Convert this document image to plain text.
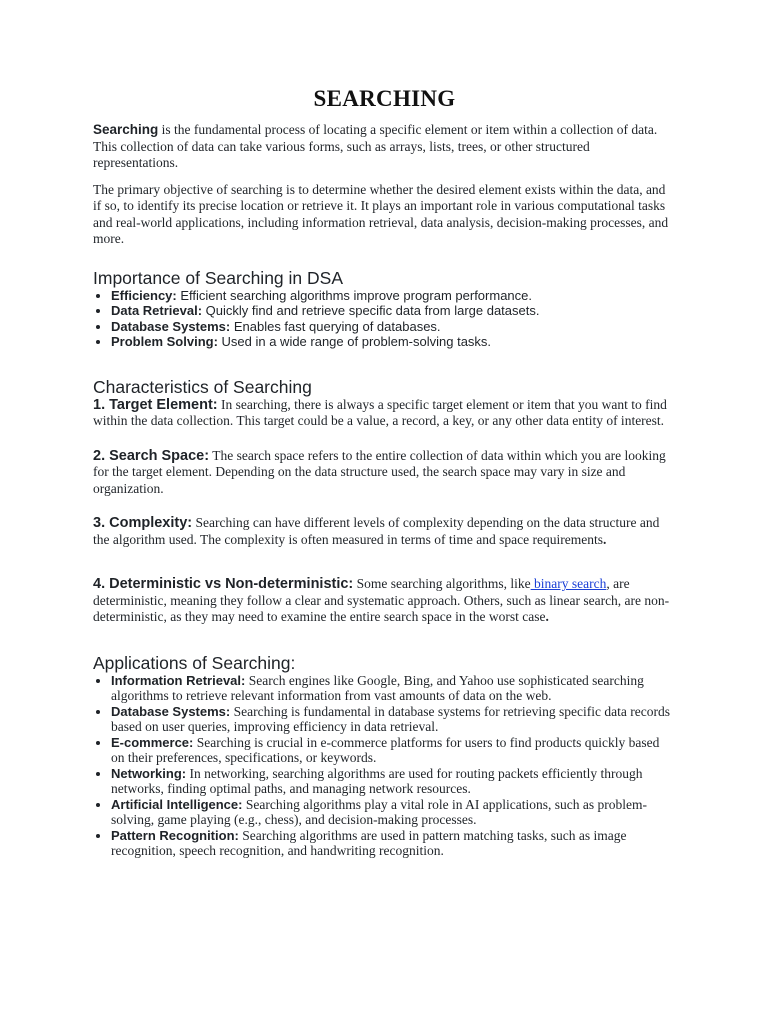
SEARCHING

Searching is the fundamental process of locating a specific element or item within a collection of data. This collection of data can take various forms, such as arrays, lists, trees, or other structured representations.

The primary objective of searching is to determine whether the desired element exists within the data, and if so, to identify its precise location or retrieve it. It plays an important role in various computational tasks and real-world applications, including information retrieval, data analysis, decision-making processes, and more.

Importance of Searching in DSA
• Efficiency: Efficient searching algorithms improve program performance.
• Data Retrieval: Quickly find and retrieve specific data from large datasets.
• Database Systems: Enables fast querying of databases.
• Problem Solving: Used in a wide range of problem-solving tasks.
Characteristics of Searching

1. Target Element: In searching, there is always a specific target element or item that you want to find within the data collection. This target could be a value, a record, a key, or any other data entity of interest.

2. Search Space: The search space refers to the entire collection of data within which you are looking for the target element. Depending on the data structure used, the search space may vary in size and organization.

3. Complexity: Searching can have different levels of complexity depending on the data structure and the algorithm used. The complexity is often measured in terms of time and space requirements.

4. Deterministic vs Non-deterministic: Some searching algorithms, like binary search, are deterministic, meaning they follow a clear and systematic approach. Others, such as linear search, are non-deterministic, as they may need to examine the entire search space in the worst case.

Applications of Searching:
• Information Retrieval: Search engines like Google, Bing, and Yahoo use sophisticated searching algorithms to retrieve relevant information from vast amounts of data on the web.
• Database Systems: Searching is fundamental in database systems for retrieving specific data records based on user queries, improving efficiency in data retrieval.
• E-commerce: Searching is crucial in e-commerce platforms for users to find products quickly based on their preferences, specifications, or keywords.
• Networking: In networking, searching algorithms are used for routing packets efficiently through networks, finding optimal paths, and managing network resources.
• Artificial Intelligence: Searching algorithms play a vital role in AI applications, such as problem-solving, game playing (e.g., chess), and decision-making processes.
• Pattern Recognition: Searching algorithms are used in pattern matching tasks, such as image recognition, speech recognition, and handwriting recognition.
